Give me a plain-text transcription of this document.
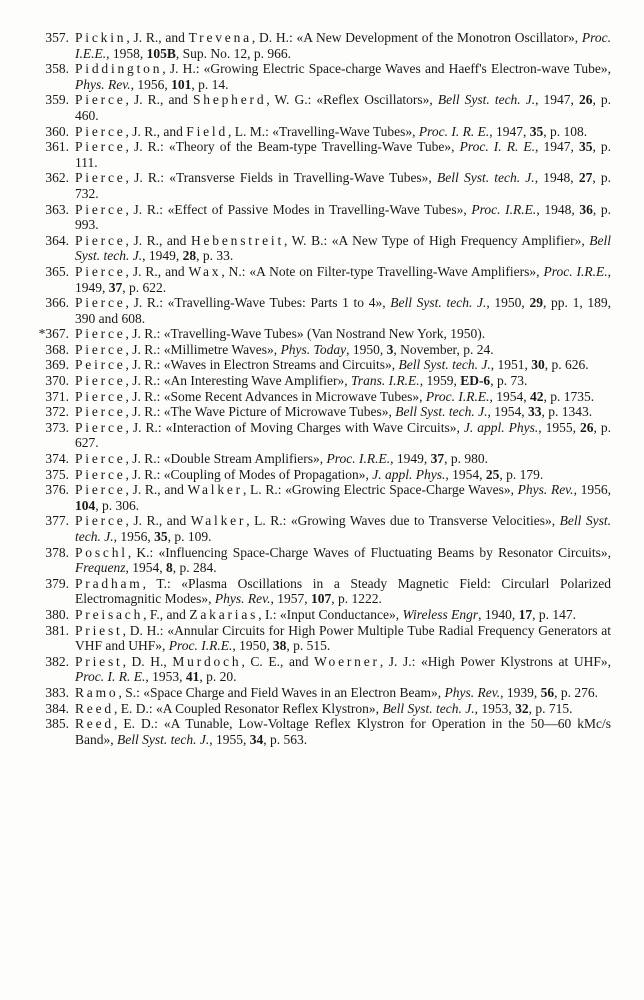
357. Pickin, J. R., and Trevena, D. H.: «A New Development of the Monotron Oscillator», Proc. I.E.E., 1958, 105B, Sup. No. 12, p. 966.
358. Piddington, J. H.: «Growing Electric Space-charge Waves and Haeff's Electron-wave Tube», Phys. Rev., 1956, 101, p. 14.
359. Pierce, J. R., and Shepherd, W. G.: «Reflex Oscillators», Bell Syst. tech. J., 1947, 26, p. 460.
360. Pierce, J. R., and Field, L. M.: «Travelling-Wave Tubes», Proc. I. R. E., 1947, 35, p. 108.
361. Pierce, J. R.: «Theory of the Beam-type Travelling-Wave Tube», Proc. I. R. E., 1947, 35, p. 111.
362. Pierce, J. R.: «Transverse Fields in Travelling-Wave Tubes», Bell Syst. tech. J., 1948, 27, p. 732.
363. Pierce, J. R.: «Effect of Passive Modes in Travelling-Wave Tubes», Proc. I.R.E., 1948, 36, p. 993.
364. Pierce, J. R., and Hebenstreit, W. B.: «A New Type of High Frequency Amplifier», Bell Syst. tech. J., 1949, 28, p. 33.
365. Pierce, J. R., and Wax, N.: «A Note on Filter-type Travelling-Wave Amplifiers», Proc. I.R.E., 1949, 37, p. 622.
366. Pierce, J. R.: «Travelling-Wave Tubes: Parts 1 to 4», Bell Syst. tech. J., 1950, 29, pp. 1, 189, 390 and 608.
*367. Pierce, J. R.: «Travelling-Wave Tubes» (Van Nostrand New York, 1950).
368. Pierce, J. R.: «Millimetre Waves», Phys. Today, 1950, 3, November, p. 24.
369. Peirce, J. R.: «Waves in Electron Streams and Circuits», Bell Syst. tech. J., 1951, 30, p. 626.
370. Pierce, J. R.: «An Interesting Wave Amplifier», Trans. I.R.E., 1959, ED-6, p. 73.
371. Pierce, J. R.: «Some Recent Advances in Microwave Tubes», Proc. I.R.E., 1954, 42, p. 1735.
372. Pierce, J. R.: «The Wave Picture of Microwave Tubes», Bell Syst. tech. J., 1954, 33, p. 1343.
373. Pierce, J. R.: «Interaction of Moving Charges with Wave Circuits», J. appl. Phys., 1955, 26, p. 627.
374. Pierce, J. R.: «Double Stream Amplifiers», Proc. I.R.E., 1949, 37, p. 980.
375. Pierce, J. R.: «Coupling of Modes of Propagation», J. appl. Phys., 1954, 25, p. 179.
376. Pierce, J. R., and Walker, L. R.: «Growing Electric Space-Charge Waves», Phys. Rev., 1956, 104, p. 306.
377. Pierce, J. R., and Walker, L. R.: «Growing Waves due to Transverse Velocities», Bell Syst. tech. J., 1956, 35, p. 109.
378. Poschl, K.: «Influencing Space-Charge Waves of Fluctuating Beams by Resonator Circuits», Frequenz, 1954, 8, p. 284.
379. Pradham, T.: «Plasma Oscillations in a Steady Magnetic Field: Circularl Polarized Electromagnitic Modes», Phys. Rev., 1957, 107, p. 1222.
380. Preisach, F., and Zakarias, I.: «Input Conductance», Wireless Engr, 1940, 17, p. 147.
381. Priest, D. H.: «Annular Circuits for High Power Multiple Tube Radial Frequency Generators at VHF and UHF», Proc. I.R.E., 1950, 38, p. 515.
382. Priest, D. H., Murdoch, C. E., and Woerner, J. J.: «High Power Klystrons at UHF», Proc. I. R. E., 1953, 41, p. 20.
383. Ramo, S.: «Space Charge and Field Waves in an Electron Beam», Phys. Rev., 1939, 56, p. 276.
384. Reed, E. D.: «A Coupled Resonator Reflex Klystron», Bell Syst. tech. J., 1953, 32, p. 715.
385. Reed, E. D.: «A Tunable, Low-Voltage Reflex Klystron for Operation in the 50—60 kMc/s Band», Bell Syst. tech. J., 1955, 34, p. 563.
